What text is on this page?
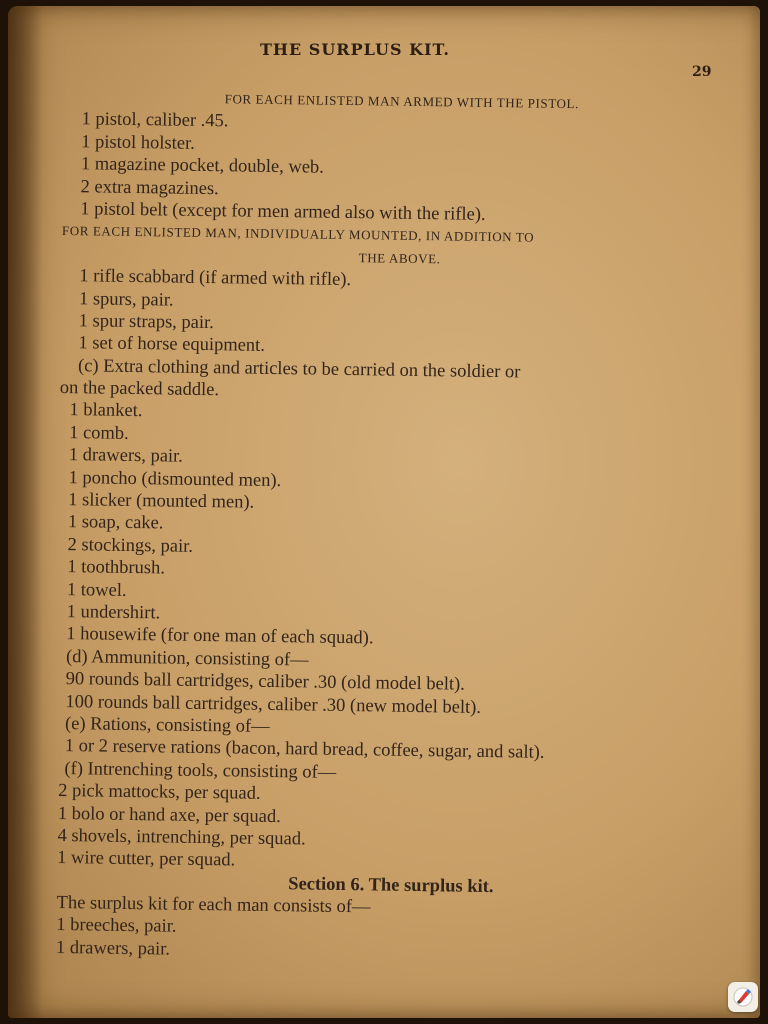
THE SURPLUS KIT.
29
FOR EACH ENLISTED MAN ARMED WITH THE PISTOL.
1 pistol, caliber .45.
1 pistol holster.
1 magazine pocket, double, web.
2 extra magazines.
1 pistol belt (except for men armed also with the rifle).
FOR EACH ENLISTED MAN, INDIVIDUALLY MOUNTED, IN ADDITION TO
THE ABOVE.
1 rifle scabbard (if armed with rifle).
1 spurs, pair.
1 spur straps, pair.
1 set of horse equipment.
(c) Extra clothing and articles to be carried on the soldier or
on the packed saddle.
1 blanket.
1 comb.
1 drawers, pair.
1 poncho (dismounted men).
1 slicker (mounted men).
1 soap, cake.
2 stockings, pair.
1 toothbrush.
1 towel.
1 undershirt.
1 housewife (for one man of each squad).
(d) Ammunition, consisting of—
90 rounds ball cartridges, caliber .30 (old model belt).
100 rounds ball cartridges, caliber .30 (new model belt).
(e) Rations, consisting of—
1 or 2 reserve rations (bacon, hard bread, coffee, sugar, and salt).
(f) Intrenching tools, consisting of—
2 pick mattocks, per squad.
1 bolo or hand axe, per squad.
4 shovels, intrenching, per squad.
1 wire cutter, per squad.
Section 6. The surplus kit.
The surplus kit for each man consists of—
1 breeches, pair.
1 drawers, pair.
